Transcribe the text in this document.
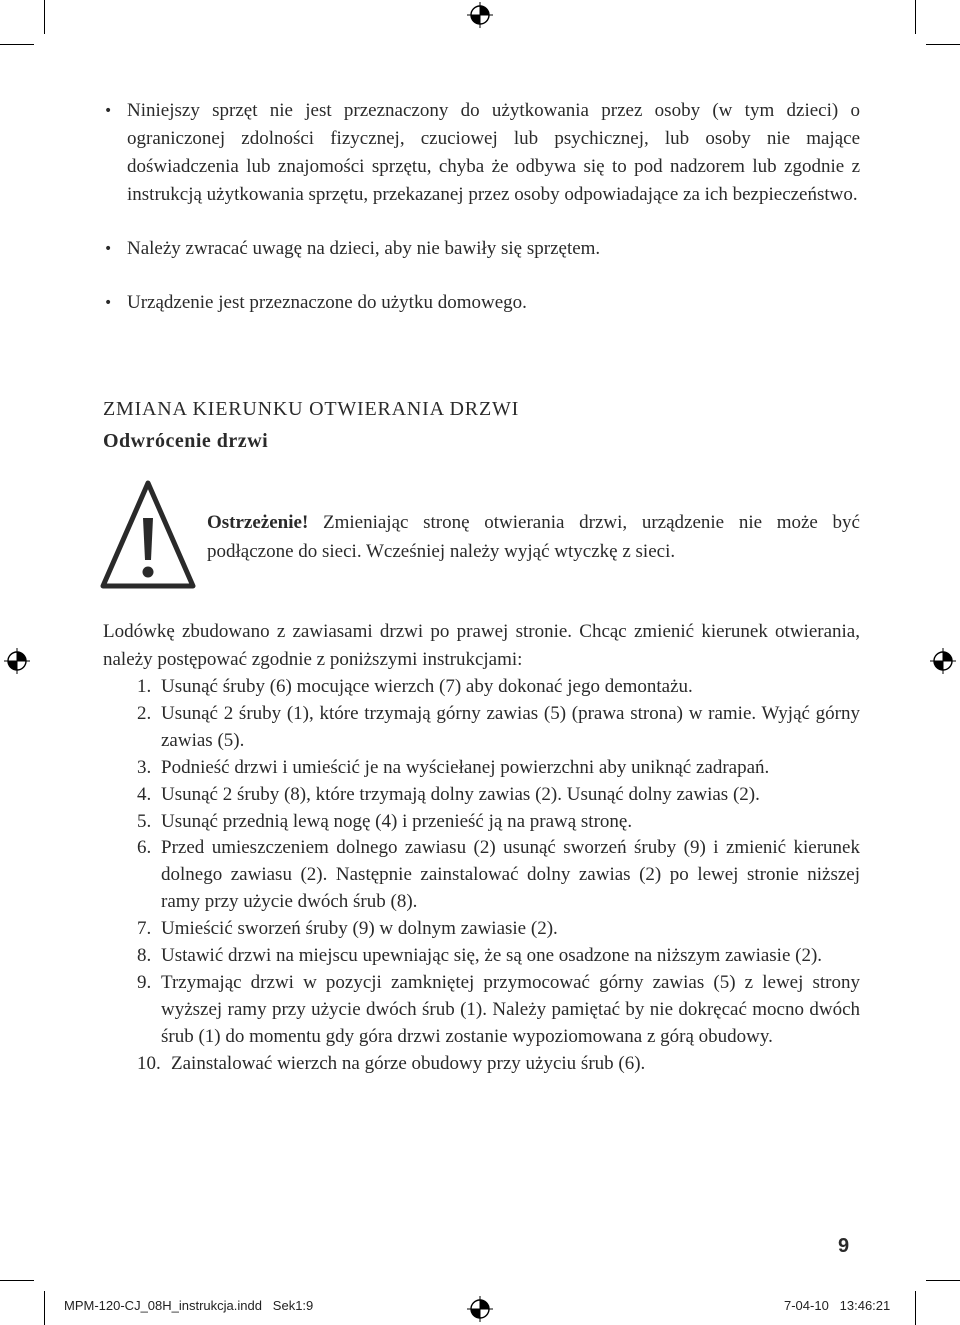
• Niniejszy sprzęt nie jest przeznaczony do użytkowania przez osoby (w tym dzieci) o ograniczonej zdolności fizycznej, czuciowej lub psychicznej, lub osoby nie mające doświadczenia lub znajomości sprzętu, chyba że odbywa się to pod nadzorem lub zgodnie z instrukcją użytkowania sprzętu, przekazanej przez osoby odpowiadające za ich bezpieczeństwo.
• Należy zwracać uwagę na dzieci, aby nie bawiły się sprzętem.
• Urządzenie jest przeznaczone do użytku domowego.
ZMIANA KIERUNKU OTWIERANIA DRZWI
Odwrócenie drzwi
Ostrzeżenie! Zmieniając stronę otwierania drzwi, urządzenie nie może być podłączone do sieci. Wcześniej należy wyjąć wtyczkę z sieci.
Lodówkę zbudowano z zawiasami drzwi po prawej stronie. Chcąc zmienić kierunek otwierania, należy postępować zgodnie z poniższymi instrukcjami:
1. Usunąć śruby (6) mocujące wierzch (7) aby dokonać jego demontażu.
2. Usunąć 2 śruby (1), które trzymają górny zawias (5) (prawa strona) w ramie. Wyjąć górny zawias (5).
3. Podnieść drzwi i umieścić je na wyściełanej powierzchni aby uniknąć zadrapań.
4. Usunąć 2 śruby (8), które trzymają dolny zawias (2). Usunąć dolny zawias (2).
5. Usunąć przednią lewą nogę (4) i przenieść ją na prawą stronę.
6. Przed umieszczeniem dolnego zawiasu (2) usunąć sworzeń śruby (9) i zmienić kierunek dolnego zawiasu (2). Następnie zainstalować dolny zawias (2) po lewej stronie niższej ramy przy użycie dwóch śrub (8).
7. Umieścić sworzeń śruby (9) w dolnym zawiasie (2).
8. Ustawić drzwi na miejscu upewniając się, że są one osadzone na niższym zawiasie (2).
9. Trzymając drzwi w pozycji zamkniętej przymocować górny zawias (5) z lewej strony wyższej ramy przy użycie dwóch śrub (1). Należy pamiętać by nie dokręcać mocno dwóch śrub (1) do momentu gdy góra drzwi zostanie wypoziomowana z górą obudowy.
10. Zainstalować wierzch na górze obudowy przy użyciu śrub (6).
9
MPM-120-CJ_08H_instrukcja.indd   Sek1:9	7-04-10   13:46:21
